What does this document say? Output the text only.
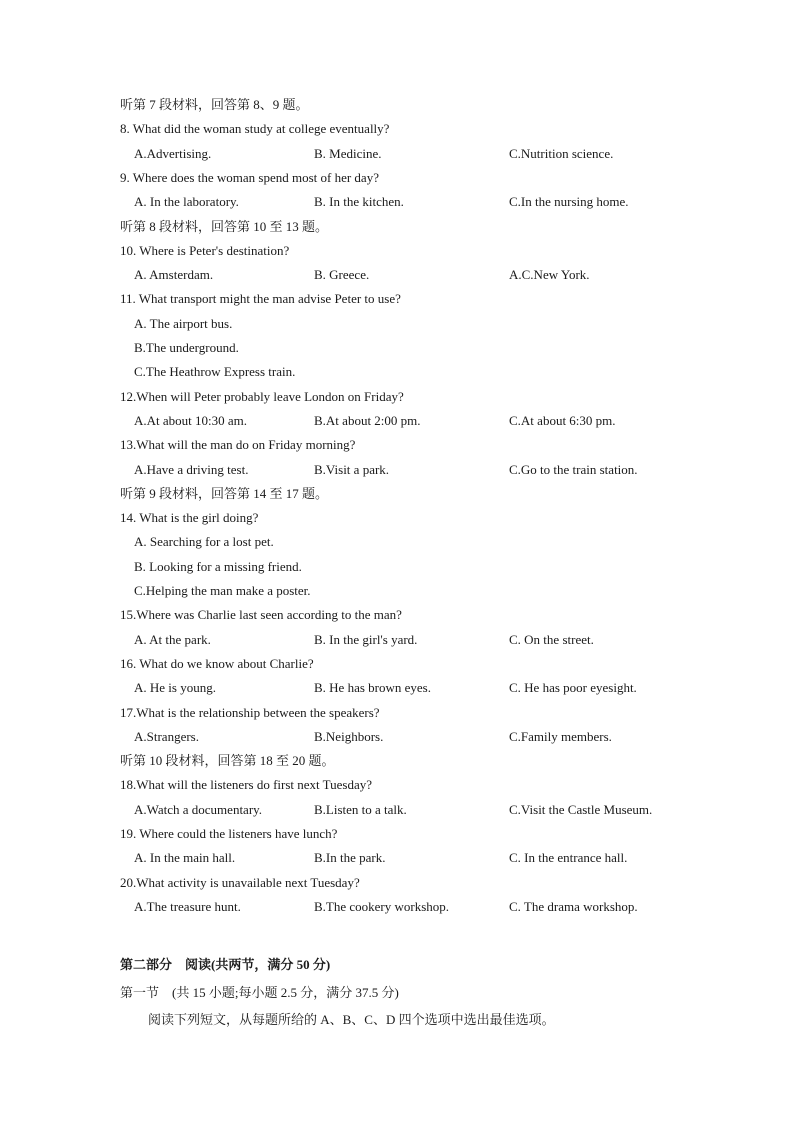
听第 7 段材料，回答第 8、9 题。
8. What did the woman study at college eventually?
A.Advertising.	B. Medicine.	C.Nutrition science.
9. Where does the woman spend most of her day?
A. In the laboratory.	B. In the kitchen.	C.In the nursing home.
听第 8 段材料，回答第 10 至 13 题。
10. Where is Peter's destination?
A. Amsterdam.	B. Greece.	A.C.New York.
11. What transport might the man advise Peter to use?
A. The airport bus.
B.The underground.
C.The Heathrow Express train.
12.When will Peter probably leave London on Friday?
A.At about 10:30 am.	B.At about 2:00 pm.	C.At about 6:30 pm.
13.What will the man do on Friday morning?
A.Have a driving test.	B.Visit a park.	C.Go to the train station.
听第 9 段材料，回答第 14 至 17 题。
14. What is the girl doing?
A. Searching for a lost pet.
B. Looking for a missing friend.
C.Helping the man make a poster.
15.Where was Charlie last seen according to the man?
A. At the park.	B. In the girl's yard.	C. On the street.
16. What do we know about Charlie?
A. He is young.	B. He has brown eyes.	C. He has poor eyesight.
17.What is the relationship between the speakers?
A.Strangers.	B.Neighbors.	C.Family members.
听第 10 段材料，回答第 18 至 20 题。
18.What will the listeners do first next Tuesday?
A.Watch a documentary.	B.Listen to a talk.	C.Visit the Castle Museum.
19. Where could the listeners have lunch?
A. In the main hall.	B.In the park.	C. In the entrance hall.
20.What activity is unavailable next Tuesday?
A.The treasure hunt.	B.The cookery workshop.	C. The drama workshop.
第二部分　阅读(共两节，满分 50 分)
第一节　(共 15 小题;每小题 2.5 分，满分 37.5 分)
阅读下列短文，从每题所给的 A、B、C、D 四个选项中选出最佳选项。
